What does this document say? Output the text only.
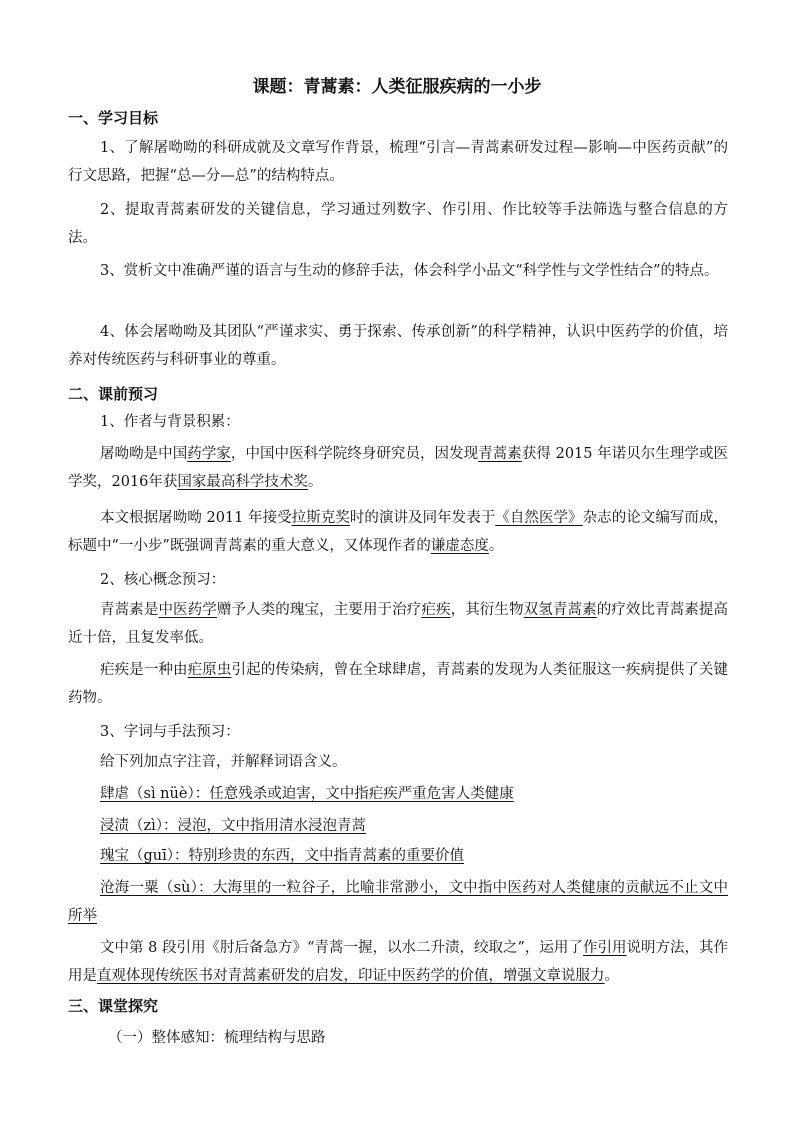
课题：青蒿素：人类征服疾病的一小步
一、学习目标
1、了解屠呦呦的科研成就及文章写作背景，梳理“引言—青蒿素研发过程—影响—中医药贡献”的行文思路，把握“总—分—总”的结构特点。
2、提取青蒿素研发的关键信息，学习通过列数字、作引用、作比较等手法筛选与整合信息的方法。
3、赏析文中准确严谨的语言与生动的修辞手法，体会科学小品文“科学性与文学性结合”的特点。
4、体会屠呦呦及其团队“严谨求实、勇于探索、传承创新”的科学精神，认识中医药学的价值，培养对传统医药与科研事业的尊重。
二、课前预习
1、作者与背景积累：
屠呦呦是中国药学家，中国中医科学院终身研究员，因发现青蒿素获得 2015 年诺贝尔生理学或医学奖，2016年获国家最高科学技术奖。
本文根据屠呦呦 2011 年接受拉斯克奖时的演讲及同年发表于《自然医学》杂志的论文编写而成，标题中“一小步”既强调青蒿素的重大意义，又体现作者的谦虚态度。
2、核心概念预习：
青蒿素是中医药学赠予人类的瑰宝，主要用于治疗疟疾，其衍生物双氢青蒿素的疗效比青蒿素提高近十倍，且复发率低。
疟疾是一种由疟原虫引起的传染病，曾在全球肆虐，青蒿素的发现为人类征服这一疾病提供了关键药物。
3、字词与手法预习：
给下列加点字注音，并解释词语含义。
肆虐（sì nüè）：任意残杀或迫害，文中指疟疾严重危害人类健康
浸渍（zì）：浸泡，文中指用清水浸泡青蒿
瑰宝（guī）：特别珍贵的东西，文中指青蒿素的重要价值
沧海一粟（sù）：大海里的一粒谷子，比喻非常渺小，文中指中医药对人类健康的贡献远不止文中所举
文中第 8 段引用《肘后备急方》“青蒿一握，以水二升渍，绞取之”，运用了作引用说明方法，其作用是直观体现传统医书对青蒿素研发的启发，印证中医药学的价值，增强文章说服力。
三、课堂探究
（一）整体感知：梳理结构与思路
